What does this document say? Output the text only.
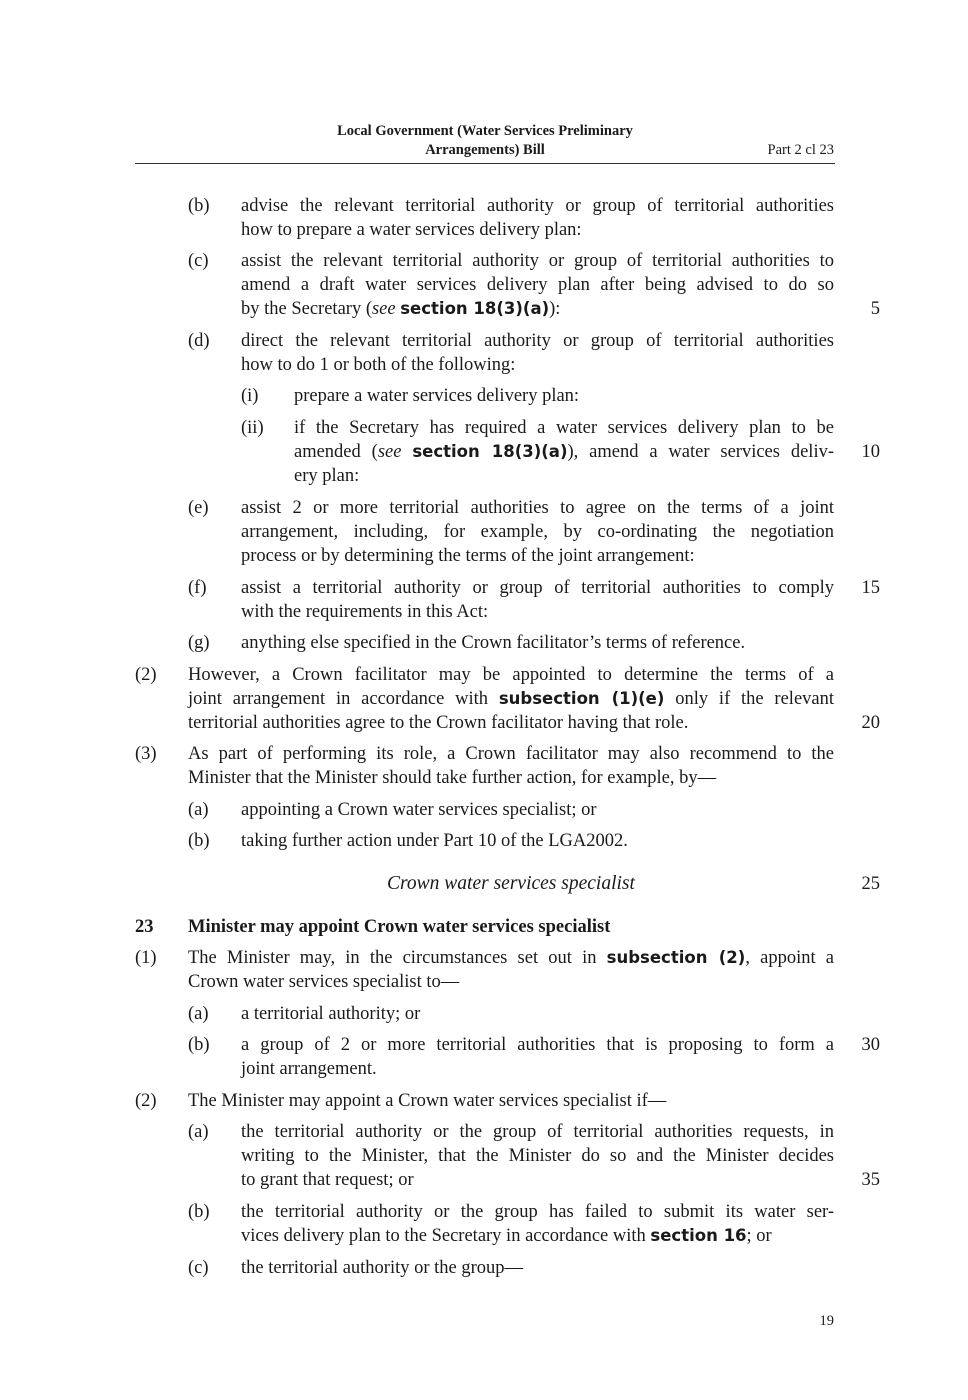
Local Government (Water Services Preliminary
Arrangements) Bill	Part 2 cl 23
(b) advise the relevant territorial authority or group of territorial authorities
how to prepare a water services delivery plan:
(c) assist the relevant territorial authority or group of territorial authorities to
amend a draft water services delivery plan after being advised to do so
by the Secretary (see section 18(3)(a)):	5
(d) direct the relevant territorial authority or group of territorial authorities
how to do 1 or both of the following:
(i) prepare a water services delivery plan:
(ii) if the Secretary has required a water services delivery plan to be
amended (see section 18(3)(a)), amend a water services deliv-	10
ery plan:
(e) assist 2 or more territorial authorities to agree on the terms of a joint
arrangement, including, for example, by co-ordinating the negotiation
process or by determining the terms of the joint arrangement:
(f) assist a territorial authority or group of territorial authorities to comply	15
with the requirements in this Act:
(g) anything else specified in the Crown facilitator’s terms of reference.
(2) However, a Crown facilitator may be appointed to determine the terms of a
joint arrangement in accordance with subsection (1)(e) only if the relevant
territorial authorities agree to the Crown facilitator having that role.	20
(3) As part of performing its role, a Crown facilitator may also recommend to the
Minister that the Minister should take further action, for example, by—
(a) appointing a Crown water services specialist; or
(b) taking further action under Part 10 of the LGA2002.
Crown water services specialist	25
23 Minister may appoint Crown water services specialist
(1) The Minister may, in the circumstances set out in subsection (2), appoint a
Crown water services specialist to—
(a) a territorial authority; or
(b) a group of 2 or more territorial authorities that is proposing to form a	30
joint arrangement.
(2) The Minister may appoint a Crown water services specialist if—
(a) the territorial authority or the group of territorial authorities requests, in
writing to the Minister, that the Minister do so and the Minister decides
to grant that request; or	35
(b) the territorial authority or the group has failed to submit its water ser-
vices delivery plan to the Secretary in accordance with section 16; or
(c) the territorial authority or the group—
19
